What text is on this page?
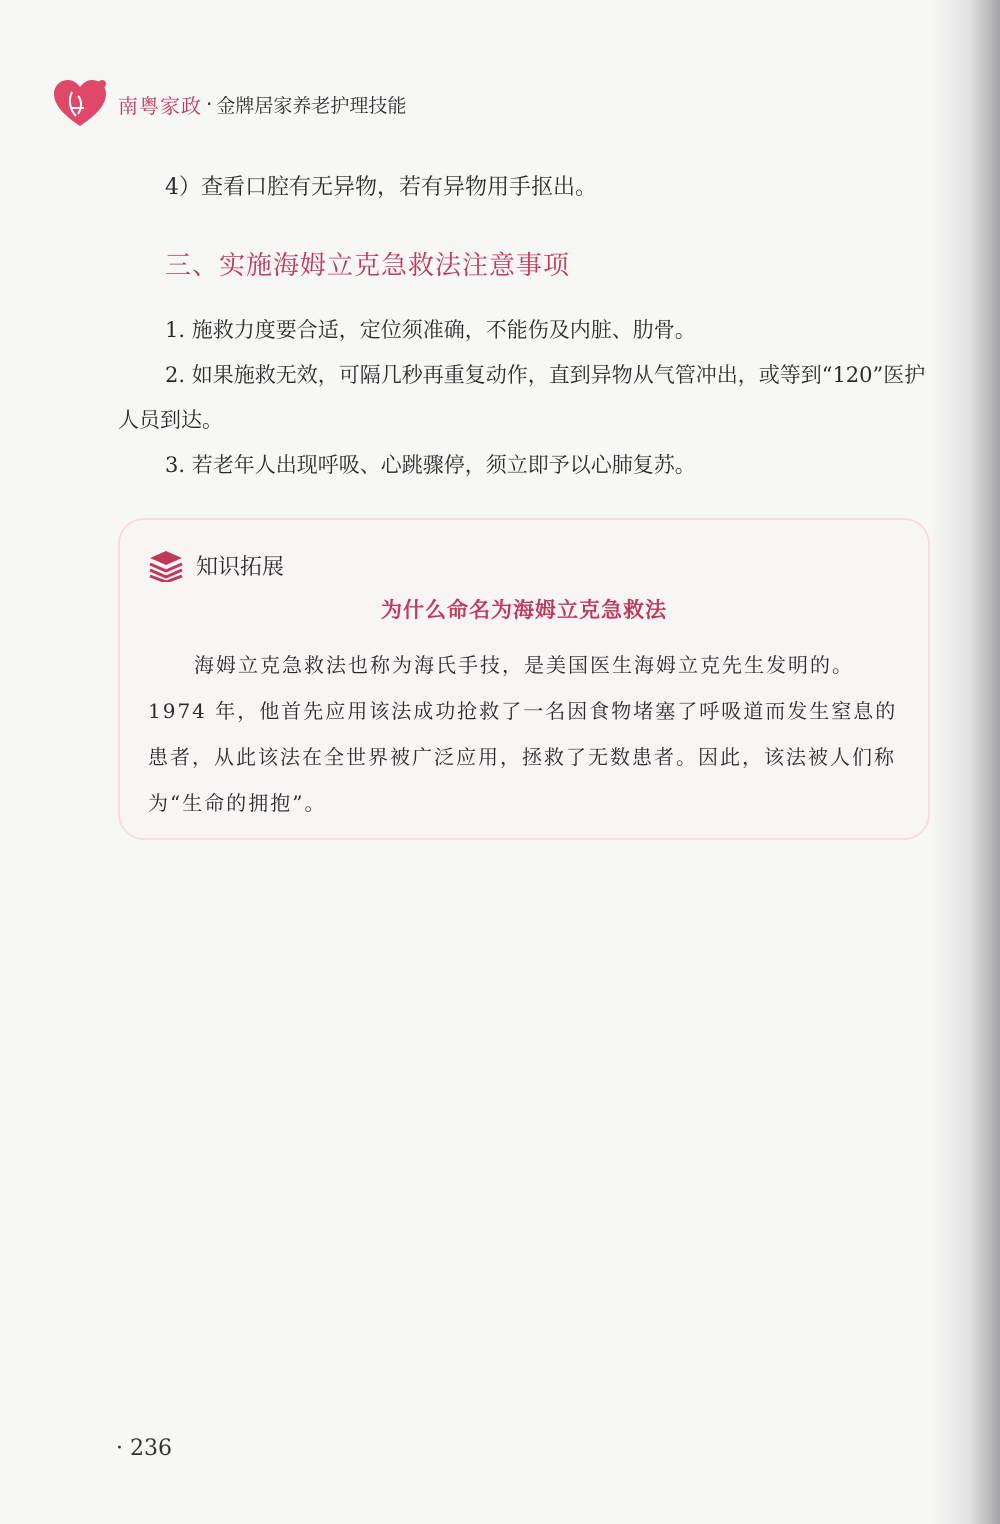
南粤家政 · 金牌居家养老护理技能
4）查看口腔有无异物，若有异物用手抠出。
三、实施海姆立克急救法注意事项

1. 施救力度要合适，定位须准确，不能伤及内脏、肋骨。

2. 如果施救无效，可隔几秒再重复动作，直到异物从气管冲出，或等到“120”医护人员到达。

3. 若老年人出现呼吸、心跳骤停，须立即予以心肺复苏。

知识拓展
为什么命名为海姆立克急救法

海姆立克急救法也称为海氏手技，是美国医生海姆立克先生发明的。1974 年，他首先应用该法成功抢救了一名因食物堵塞了呼吸道而发生窒息的患者，从此该法在全世界被广泛应用，拯救了无数患者。因此，该法被人们称为“生命的拥抱”。

· 236
